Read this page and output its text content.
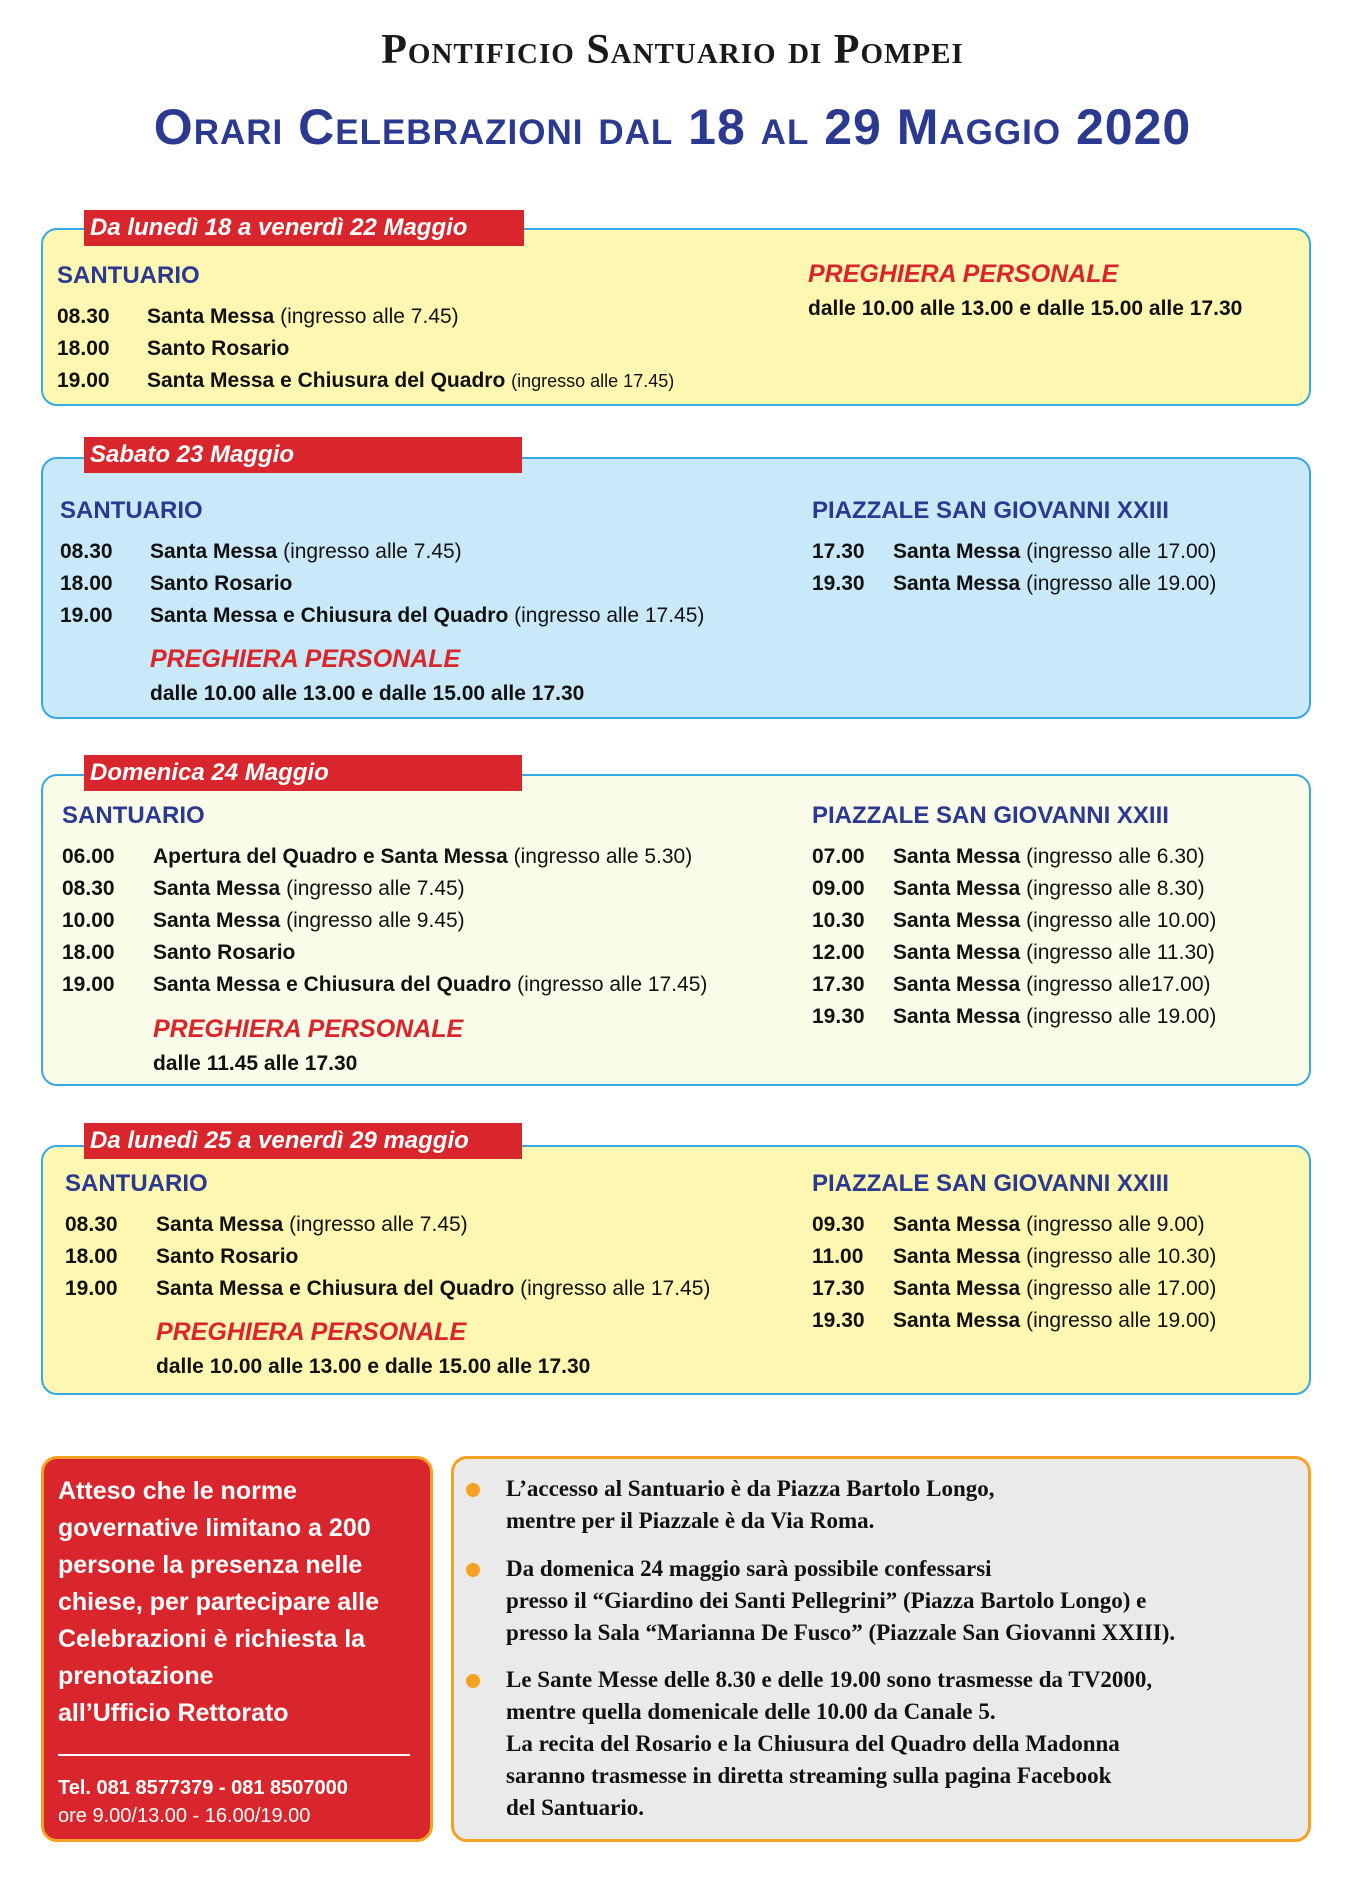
Pontificio Santuario di Pompei
Orari Celebrazioni dal 18 al 29 Maggio 2020
Da lunedì 18 a venerdì 22 Maggio
SANTUARIO
08.30 Santa Messa (ingresso alle 7.45)
18.00 Santo Rosario
19.00 Santa Messa e Chiusura del Quadro (ingresso alle 17.45)
PREGHIERA PERSONALE
dalle 10.00 alle 13.00 e dalle 15.00 alle 17.30
Sabato 23 Maggio
SANTUARIO
08.30 Santa Messa (ingresso alle 7.45)
18.00 Santo Rosario
19.00 Santa Messa e Chiusura del Quadro (ingresso alle 17.45)
PREGHIERA PERSONALE
dalle 10.00 alle 13.00 e dalle 15.00 alle 17.30
PIAZZALE SAN GIOVANNI XXIII
17.30 Santa Messa (ingresso alle 17.00)
19.30 Santa Messa (ingresso alle 19.00)
Domenica 24 Maggio
SANTUARIO
06.00 Apertura del Quadro e Santa Messa (ingresso alle 5.30)
08.30 Santa Messa (ingresso alle 7.45)
10.00 Santa Messa (ingresso alle 9.45)
18.00 Santo Rosario
19.00 Santa Messa e Chiusura del Quadro (ingresso alle 17.45)
PREGHIERA PERSONALE
dalle 11.45 alle 17.30
PIAZZALE SAN GIOVANNI XXIII
07.00 Santa Messa (ingresso alle 6.30)
09.00 Santa Messa (ingresso alle 8.30)
10.30 Santa Messa (ingresso alle 10.00)
12.00 Santa Messa (ingresso alle 11.30)
17.30 Santa Messa (ingresso alle17.00)
19.30 Santa Messa (ingresso alle 19.00)
Da lunedì 25 a venerdì 29 maggio
SANTUARIO
08.30 Santa Messa (ingresso alle 7.45)
18.00 Santo Rosario
19.00 Santa Messa e Chiusura del Quadro (ingresso alle 17.45)
PREGHIERA PERSONALE
dalle 10.00 alle 13.00 e dalle 15.00 alle 17.30
PIAZZALE SAN GIOVANNI XXIII
09.30 Santa Messa (ingresso alle 9.00)
11.00 Santa Messa (ingresso alle 10.30)
17.30 Santa Messa (ingresso alle 17.00)
19.30 Santa Messa (ingresso alle 19.00)
Atteso che le norme
governative limitano a 200
persone la presenza nelle
chiese, per partecipare alle
Celebrazioni è richiesta la
prenotazione
all’Ufficio Rettorato
Tel. 081 8577379 - 081 8507000
ore 9.00/13.00 - 16.00/19.00
L’accesso al Santuario è da Piazza Bartolo Longo,
mentre per il Piazzale è da Via Roma.
Da domenica 24 maggio sarà possibile confessarsi
presso il “Giardino dei Santi Pellegrini” (Piazza Bartolo Longo) e
presso la Sala “Marianna De Fusco” (Piazzale San Giovanni XXIII).
Le Sante Messe delle 8.30 e delle 19.00 sono trasmesse da TV2000,
mentre quella domenicale delle 10.00 da Canale 5.
La recita del Rosario e la Chiusura del Quadro della Madonna
saranno trasmesse in diretta streaming sulla pagina Facebook
del Santuario.
